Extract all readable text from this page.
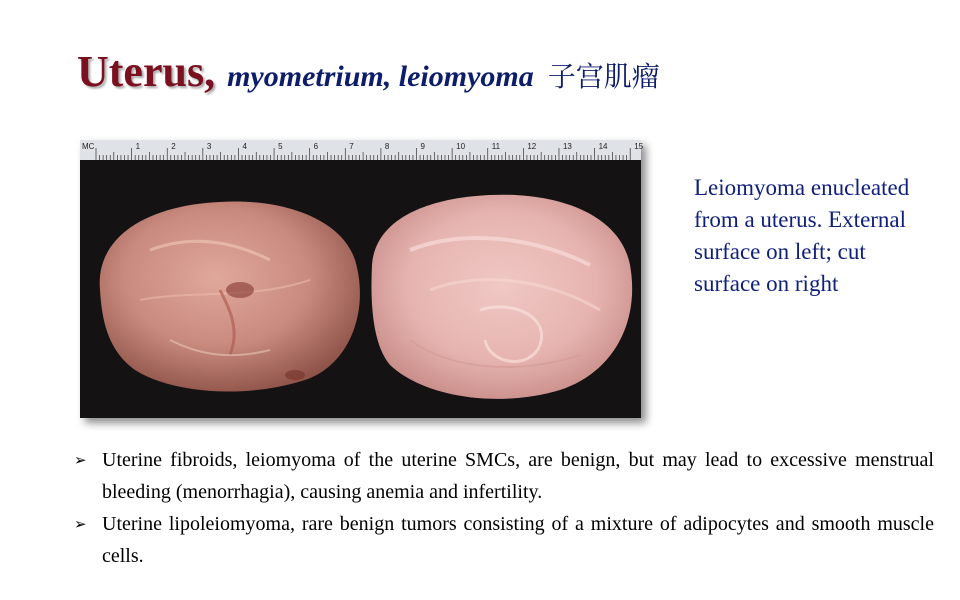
Uterus, myometrium, leiomyoma 子宫肌瘤
MC	1	2	3	4	5	6	7	8	9	10	11	12	13	14	15
Leiomyoma enucleated from a uterus. External surface on left; cut surface on right
➢ Uterine fibroids, leiomyoma of the uterine SMCs, are benign, but may lead to excessive menstrual bleeding (menorrhagia), causing anemia and infertility.
➢ Uterine lipoleiomyoma, rare benign tumors consisting of a mixture of adipocytes and smooth muscle cells.
